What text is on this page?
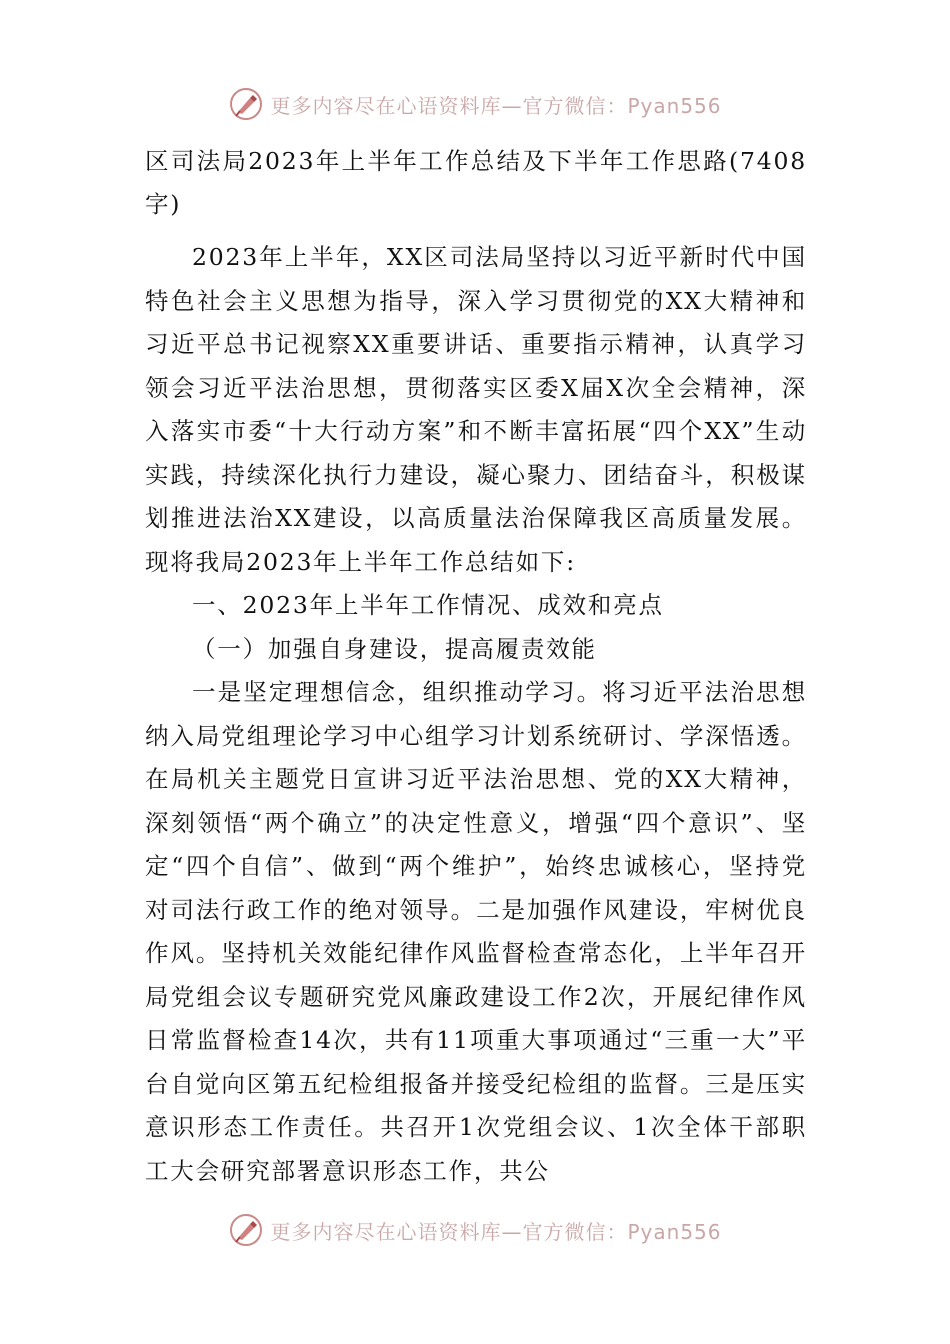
更多内容尽在心语资料库—官方微信：Pyan556

区司法局2023年上半年工作总结及下半年工作思路(7408字)

2023年上半年，XX区司法局坚持以习近平新时代中国特色社会主义思想为指导，深入学习贯彻党的XX大精神和习近平总书记视察XX重要讲话、重要指示精神，认真学习领会习近平法治思想，贯彻落实区委X届X次全会精神，深入落实市委“十大行动方案”和不断丰富拓展“四个XX”生动实践，持续深化执行力建设，凝心聚力、团结奋斗，积极谋划推进法治XX建设，以高质量法治保障我区高质量发展。现将我局2023年上半年工作总结如下:

一、2023年上半年工作情况、成效和亮点

（一）加强自身建设，提高履责效能

一是坚定理想信念，组织推动学习。将习近平法治思想纳入局党组理论学习中心组学习计划系统研讨、学深悟透。在局机关主题党日宣讲习近平法治思想、党的XX大精神，深刻领悟“两个确立”的决定性意义，增强“四个意识”、坚定“四个自信”、做到“两个维护”，始终忠诚核心，坚持党对司法行政工作的绝对领导。二是加强作风建设，牢树优良作风。坚持机关效能纪律作风监督检查常态化，上半年召开局党组会议专题研究党风廉政建设工作2次，开展纪律作风日常监督检查14次，共有11项重大事项通过“三重一大”平台自觉向区第五纪检组报备并接受纪检组的监督。三是压实意识形态工作责任。共召开1次党组会议、1次全体干部职工大会研究部署意识形态工作，共公

更多内容尽在心语资料库—官方微信：Pyan556
